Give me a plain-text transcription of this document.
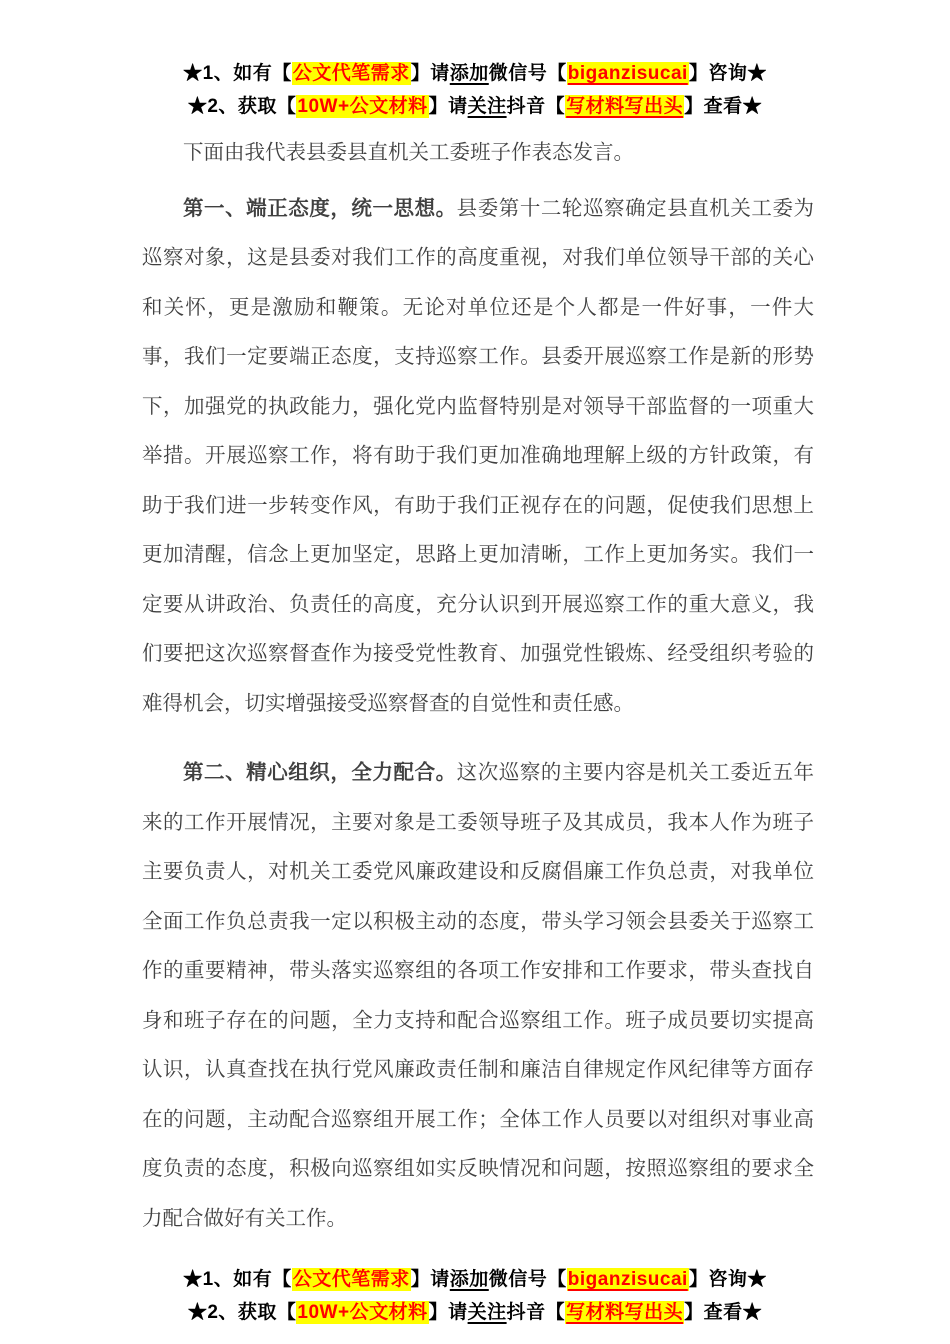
★1、如有【公文代笔需求】请添加微信号【biganzisucai】咨询★
★2、获取【10W+公文材料】请关注抖音【写材料写出头】查看★

下面由我代表县委县直机关工委班子作表态发言。

第一、端正态度，统一思想。县委第十二轮巡察确定县直机关工委为巡察对象，这是县委对我们工作的高度重视，对我们单位领导干部的关心和关怀，更是激励和鞭策。无论对单位还是个人都是一件好事，一件大事，我们一定要端正态度，支持巡察工作。县委开展巡察工作是新的形势下，加强党的执政能力，强化党内监督特别是对领导干部监督的一项重大举措。开展巡察工作，将有助于我们更加准确地理解上级的方针政策，有助于我们进一步转变作风，有助于我们正视存在的问题，促使我们思想上更加清醒，信念上更加坚定，思路上更加清晰，工作上更加务实。我们一定要从讲政治、负责任的高度，充分认识到开展巡察工作的重大意义，我们要把这次巡察督查作为接受党性教育、加强党性锻炼、经受组织考验的难得机会，切实增强接受巡察督查的自觉性和责任感。

第二、精心组织，全力配合。这次巡察的主要内容是机关工委近五年来的工作开展情况，主要对象是工委领导班子及其成员，我本人作为班子主要负责人，对机关工委党风廉政建设和反腐倡廉工作负总责，对我单位全面工作负总责我一定以积极主动的态度，带头学习领会县委关于巡察工作的重要精神，带头落实巡察组的各项工作安排和工作要求，带头查找自身和班子存在的问题，全力支持和配合巡察组工作。班子成员要切实提高认识，认真查找在执行党风廉政责任制和廉洁自律规定作风纪律等方面存在的问题，主动配合巡察组开展工作；全体工作人员要以对组织对事业高度负责的态度，积极向巡察组如实反映情况和问题，按照巡察组的要求全力配合做好有关工作。

★1、如有【公文代笔需求】请添加微信号【biganzisucai】咨询★
★2、获取【10W+公文材料】请关注抖音【写材料写出头】查看★
